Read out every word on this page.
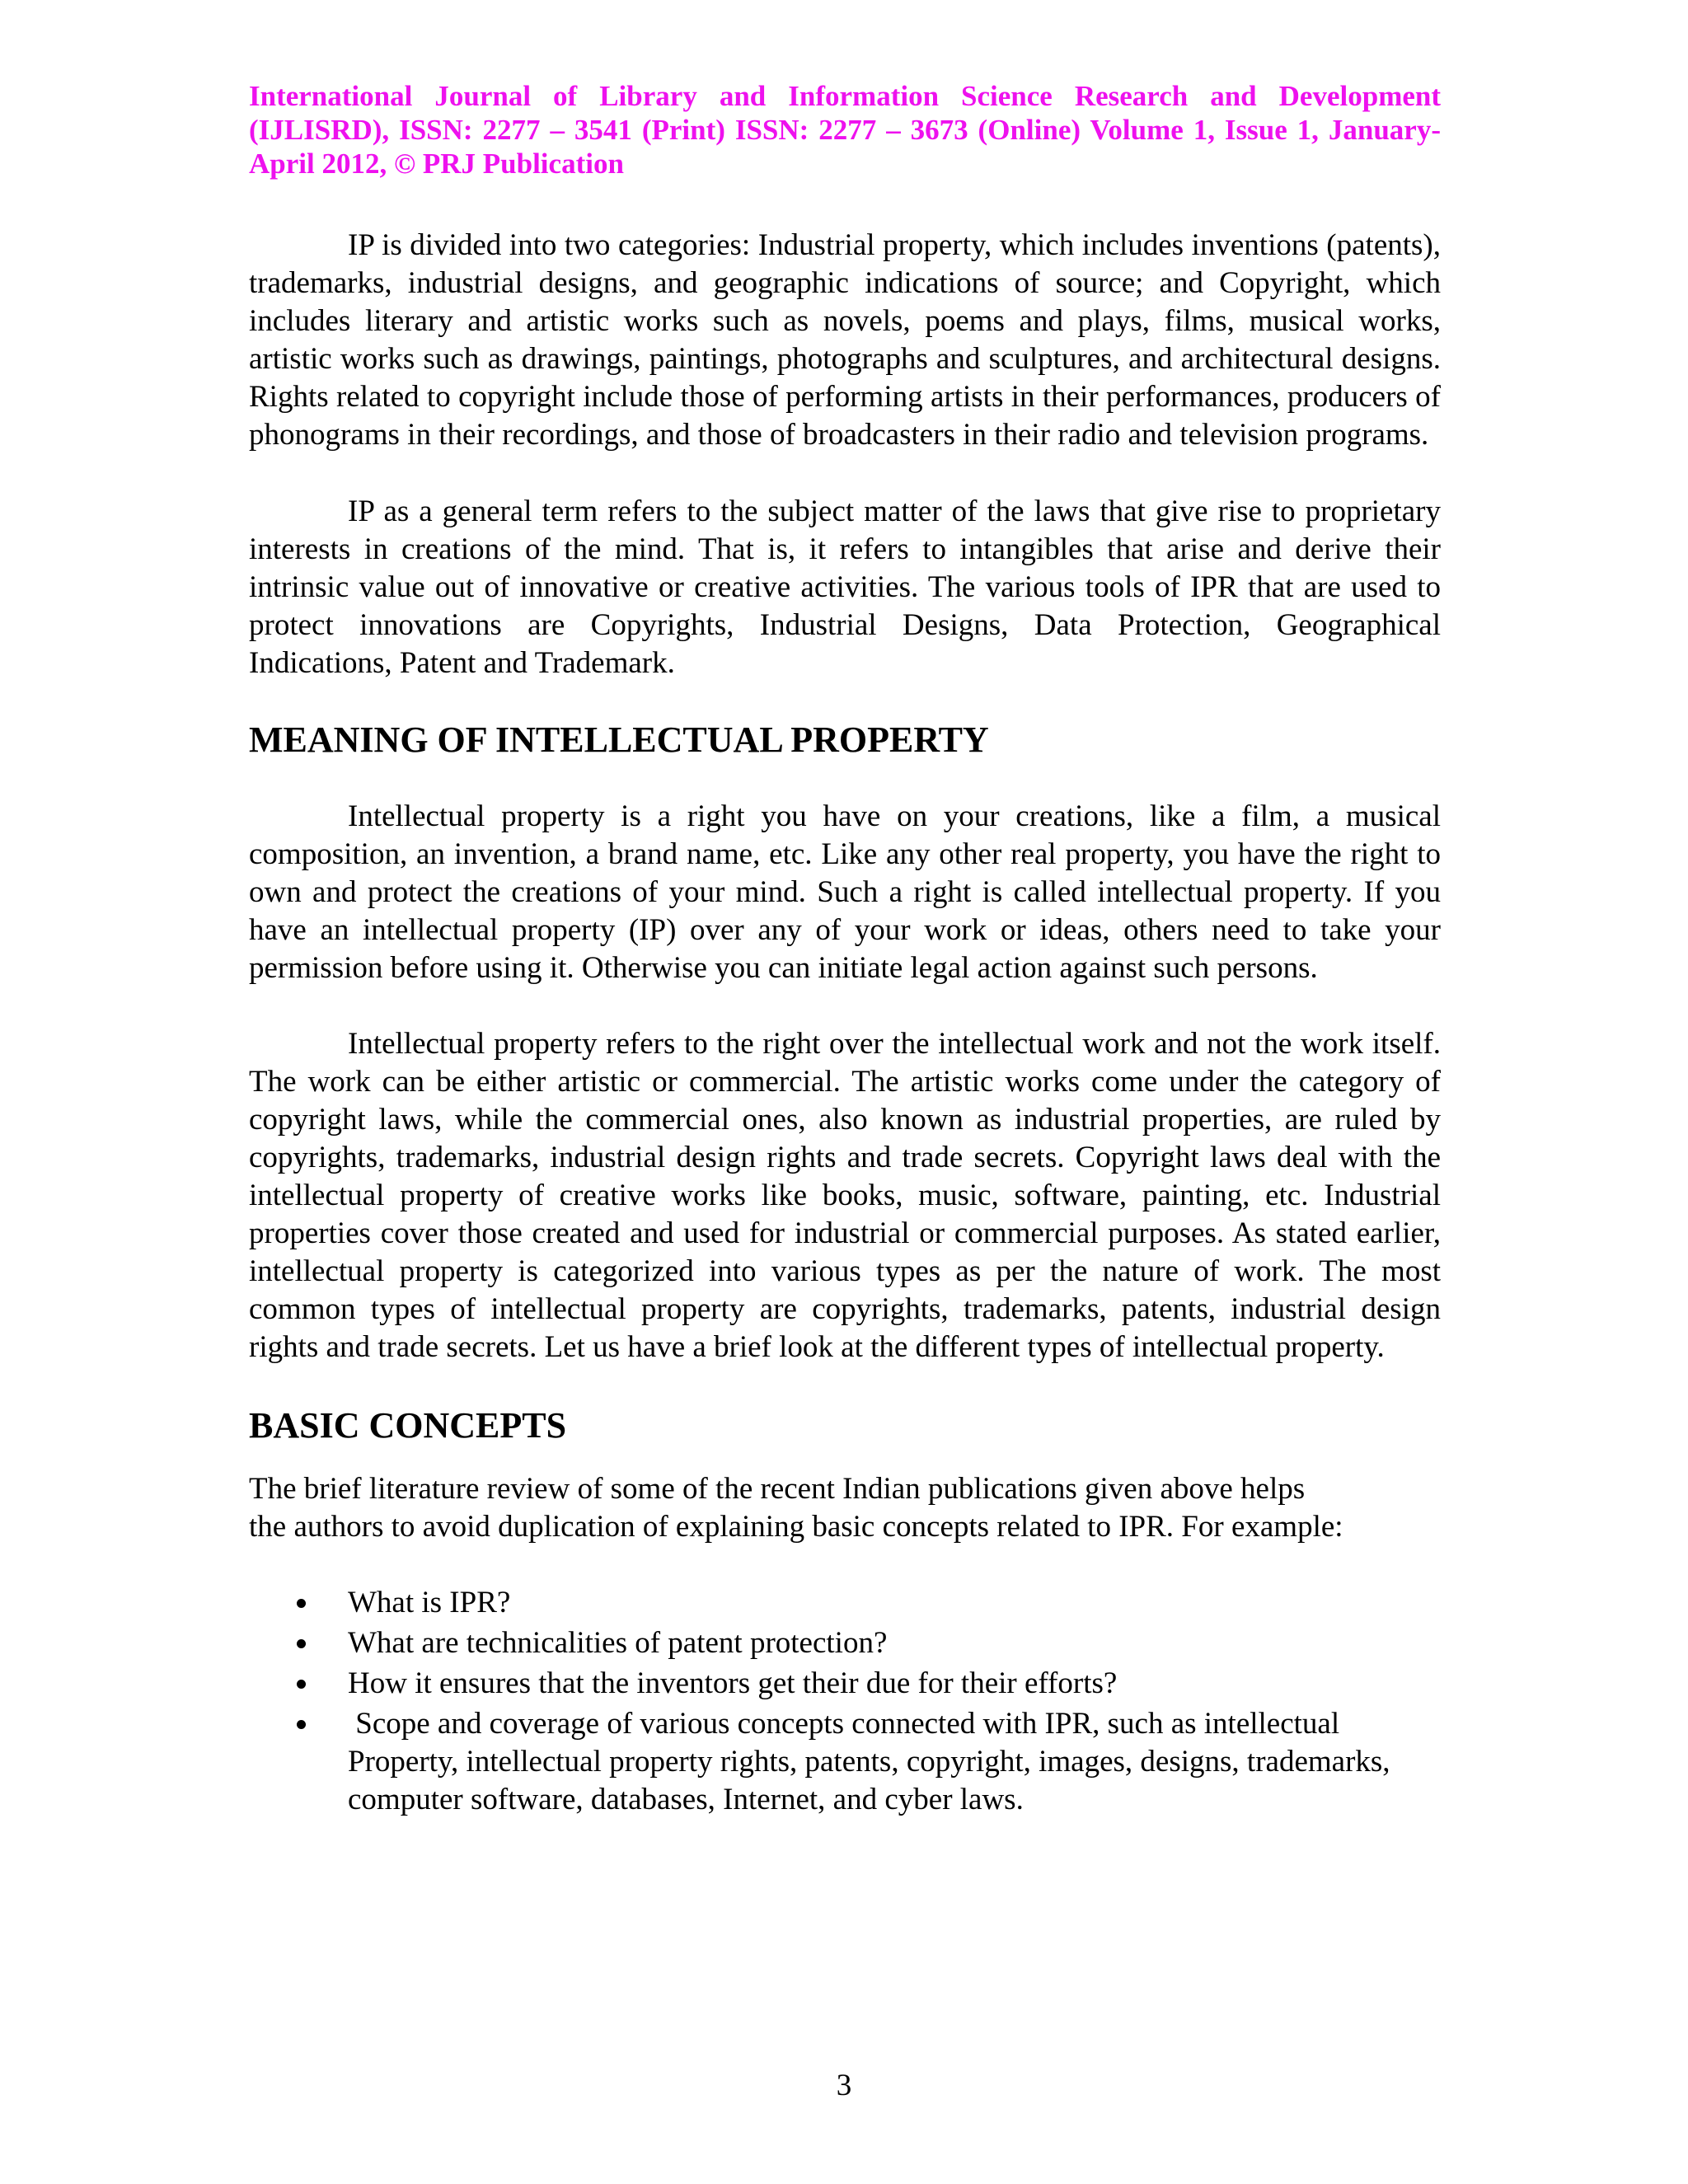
International Journal of Library and Information Science Research and Development (IJLISRD), ISSN: 2277 – 3541 (Print) ISSN: 2277 – 3673 (Online) Volume 1, Issue 1, January- April 2012, © PRJ Publication

IP is divided into two categories: Industrial property, which includes inventions (patents), trademarks, industrial designs, and geographic indications of source; and Copyright, which includes literary and artistic works such as novels, poems and plays, films, musical works, artistic works such as drawings, paintings, photographs and sculptures, and architectural designs. Rights related to copyright include those of performing artists in their performances, producers of phonograms in their recordings, and those of broadcasters in their radio and television programs.

IP as a general term refers to the subject matter of the laws that give rise to proprietary interests in creations of the mind. That is, it refers to intangibles that arise and derive their intrinsic value out of innovative or creative activities. The various tools of IPR that are used to protect innovations are Copyrights, Industrial Designs, Data Protection, Geographical Indications, Patent and Trademark.

MEANING OF INTELLECTUAL PROPERTY

Intellectual property is a right you have on your creations, like a film, a musical composition, an invention, a brand name, etc. Like any other real property, you have the right to own and protect the creations of your mind. Such a right is called intellectual property. If you have an intellectual property (IP) over any of your work or ideas, others need to take your permission before using it. Otherwise you can initiate legal action against such persons.

Intellectual property refers to the right over the intellectual work and not the work itself. The work can be either artistic or commercial. The artistic works come under the category of copyright laws, while the commercial ones, also known as industrial properties, are ruled by copyrights, trademarks, industrial design rights and trade secrets. Copyright laws deal with the intellectual property of creative works like books, music, software, painting, etc. Industrial properties cover those created and used for industrial or commercial purposes. As stated earlier, intellectual property is categorized into various types as per the nature of work. The most common types of intellectual property are copyrights, trademarks, patents, industrial design rights and trade secrets. Let us have a brief look at the different types of intellectual property.

BASIC CONCEPTS

The brief literature review of some of the recent Indian publications given above helps
the authors to avoid duplication of explaining basic concepts related to IPR. For example:

What is IPR?
What are technicalities of patent protection?
How it ensures that the inventors get their due for their efforts?
Scope and coverage of various concepts connected with IPR, such as intellectual Property, intellectual property rights, patents, copyright, images, designs, trademarks, computer software, databases, Internet, and cyber laws.

3
